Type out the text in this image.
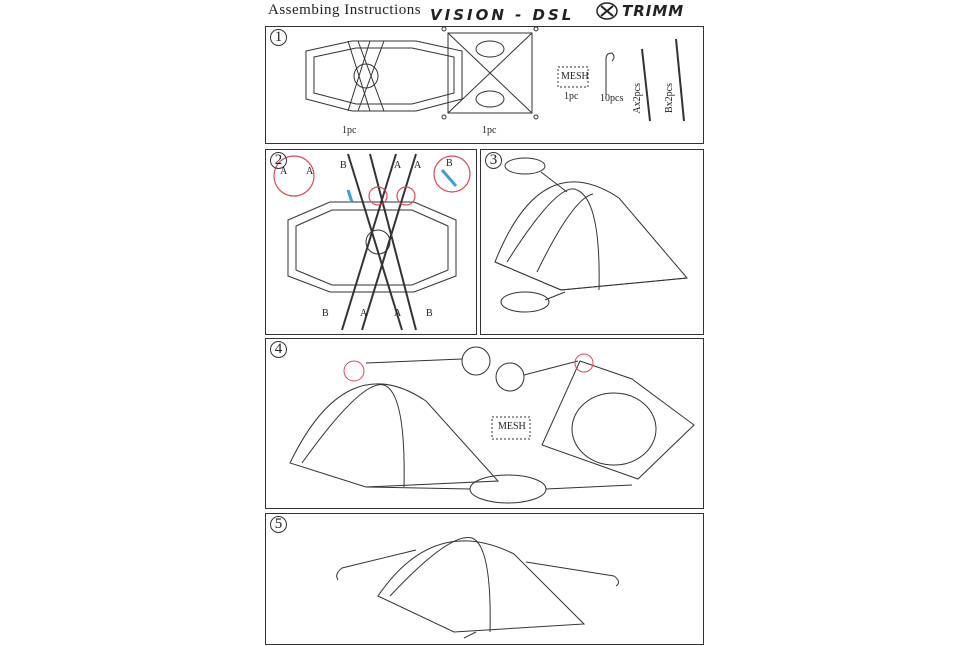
Assembing Instructions VISION - DSL	TRIMM
1
1pc	1pc
MESH
1pc 10pcs Ax2pcs Bx2pcs
2
A A
B	A A B
B	A	A B
3
4
MESH
5
